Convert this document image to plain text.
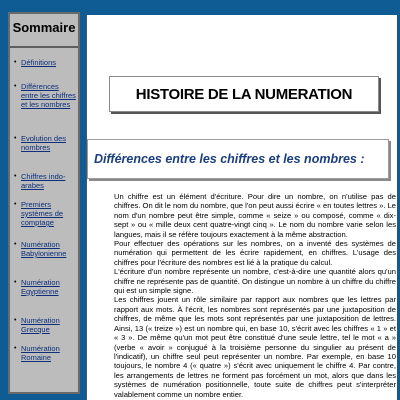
Sommaire
• Définitions
• Différences entre les chiffres et les nombres
• Evolution des nombres
• Chiffres indo-arabes
• Premiers systèmes de comptage
• Numération Babylonienne
• Numération Egyptienne
• Numération Grecque
• Numération Romaine
HISTOIRE DE LA NUMERATION
Différences entre les chiffres et les nombres :

Un chiffre est un élément d'écriture. Pour dire un nombre, on n'utilise pas de chiffres. On dit le nom du nombre, que l'on peut aussi écrire « en toutes lettres ». Le nom d'un nombre peut être simple, comme « seize » ou composé, comme « dix-sept » ou « mille deux cent quatre-vingt cinq ». Le nom du nombre varie selon les langues, mais il se réfère toujours exactement à la même abstraction.

Pour effectuer des opérations sur les nombres, on a inventé des systèmes de numération qui permettent de les écrire rapidement, en chiffres. L'usage des chiffres pour l'écriture des nombres est lié à la pratique du calcul.

L'écriture d'un nombre représente un nombre, c'est-à-dire une quantité alors qu'un chiffre ne représente pas de quantité. On distingue un nombre à un chiffre du chiffre qui est un simple signe.

Les chiffres jouent un rôle similaire par rapport aux nombres que les lettres par rapport aux mots. À l'écrit, les nombres sont représentés par une juxtaposition de chiffres, de même que les mots sont représentés par une juxtaposition de lettres. Ainsi, 13 (« treize ») est un nombre qui, en base 10, s'écrit avec les chiffres « 1 » et « 3 ». De même qu'un mot peut être constitué d'une seule lettre, tel le mot « a » (verbe « avoir » conjugué à la troisième personne du singulier au présent de l'indicatif), un chiffre seul peut représenter un nombre. Par exemple, en base 10 toujours, le nombre 4 (« quatre ») s'écrit avec uniquement le chiffre 4. Par contre, les arrangements de lettres ne forment pas forcément un mot, alors que dans les systèmes de numération positionnelle, toute suite de chiffres peut s'interpréter valablement comme un nombre entier.
